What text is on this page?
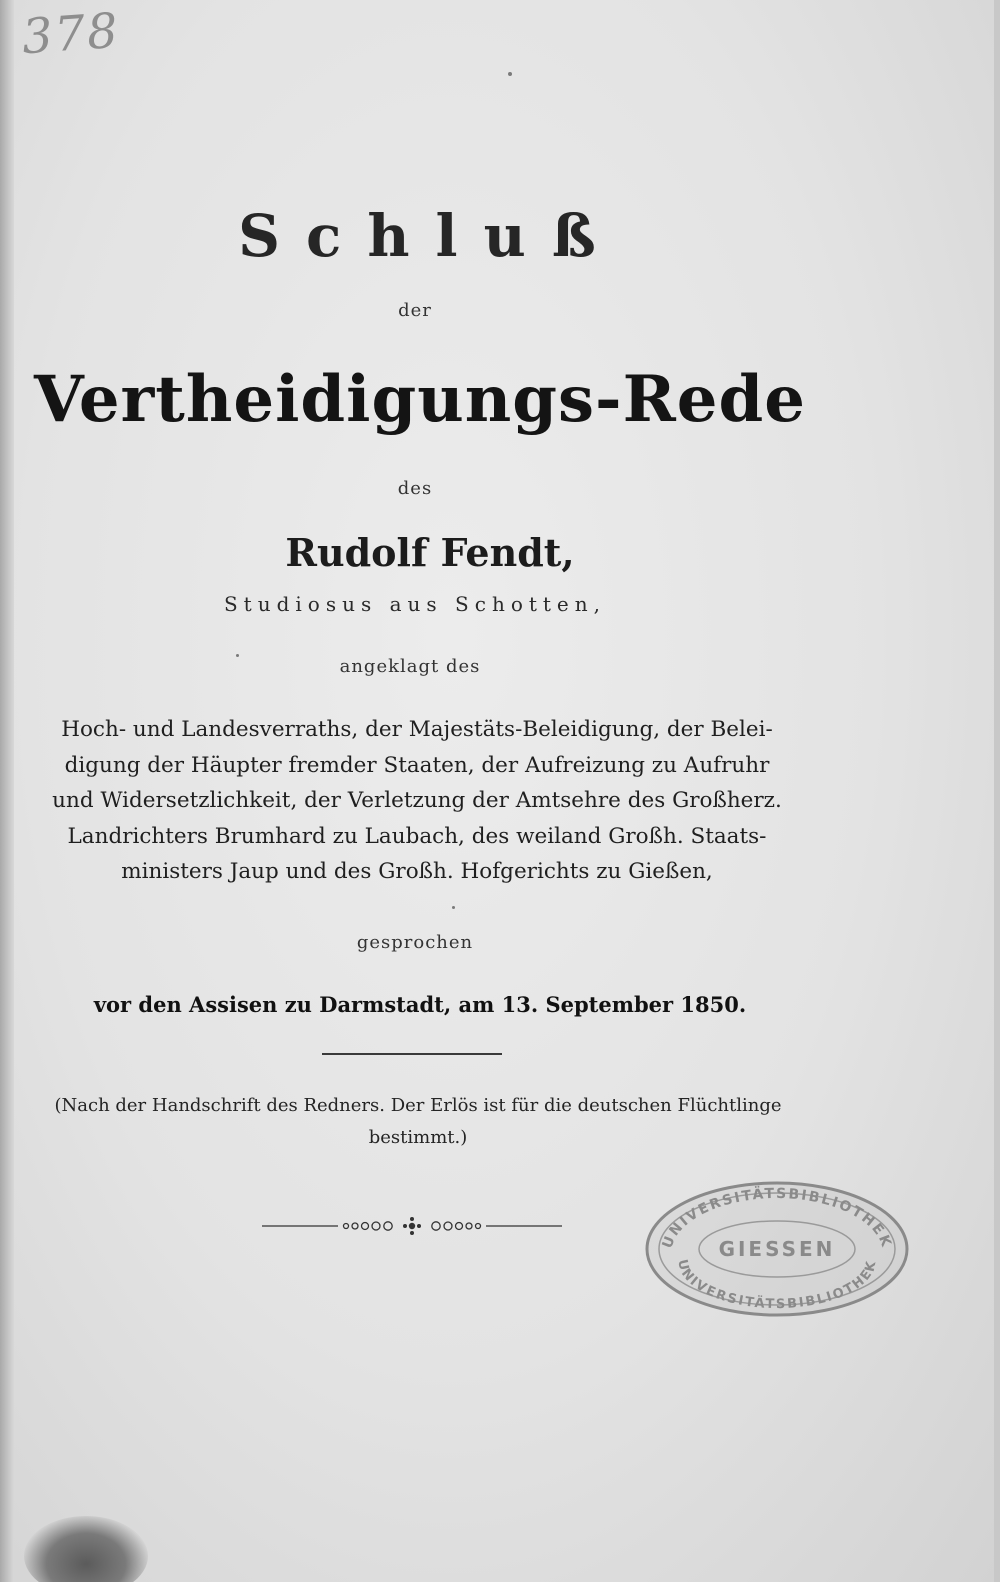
378

Schluß

der

Vertheidigungs-Rede

des

Rudolf Fendt,

Studiosus aus Schotten,

angeklagt des

Hoch- und Landesverraths, der Majestäts-Beleidigung, der Belei-
digung der Häupter fremder Staaten, der Aufreizung zu Aufruhr
und Widersetzlichkeit, der Verletzung der Amtsehre des Großherz.
Landrichters Brumhard zu Laubach, des weiland Großh. Staats-
ministers Jaup und des Großh. Hofgerichts zu Gießen,

gesprochen

vor den Assisen zu Darmstadt, am 13. September 1850.

(Nach der Handschrift des Redners. Der Erlös ist für die deutschen Flüchtlinge
bestimmt.)
UNIVERSITÄTSBIBLIOTHEK
UNIVERSITÄTSBIBLIOTHEK
GIESSEN
